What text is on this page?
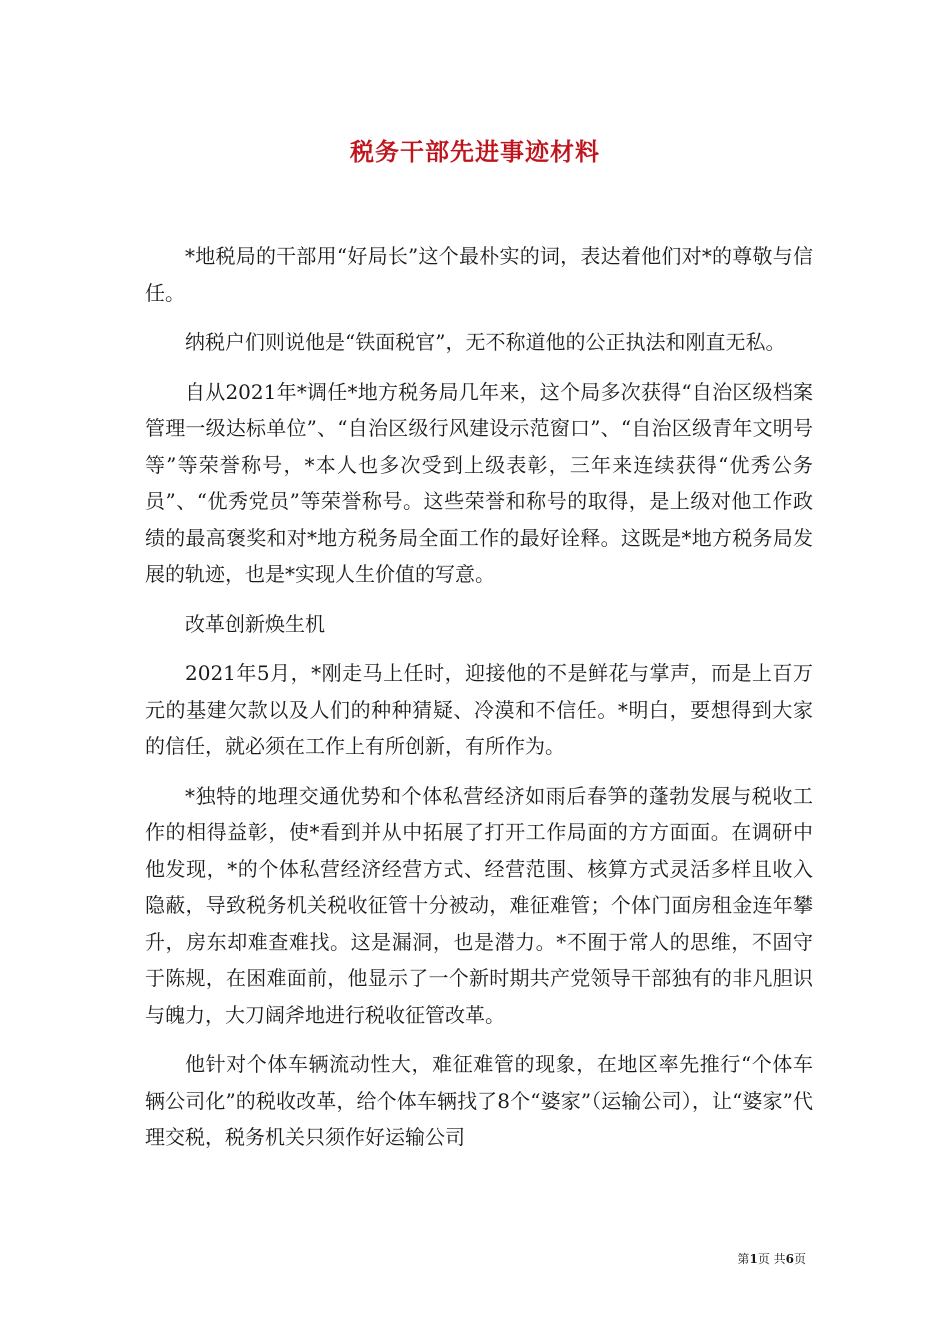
税务干部先进事迹材料

*地税局的干部用“好局长”这个最朴实的词，表达着他们对*的尊敬与信任。

纳税户们则说他是“铁面税官”，无不称道他的公正执法和刚直无私。

自从2021年*调任*地方税务局几年来，这个局多次获得“自治区级档案管理一级达标单位”、“自治区级行风建设示范窗口”、“自治区级青年文明号等”等荣誉称号，*本人也多次受到上级表彰，三年来连续获得“优秀公务员”、“优秀党员”等荣誉称号。这些荣誉和称号的取得，是上级对他工作政绩的最高褒奖和对*地方税务局全面工作的最好诠释。这既是*地方税务局发展的轨迹，也是*实现人生价值的写意。

改革创新焕生机

2021年5月，*刚走马上任时，迎接他的不是鲜花与掌声，而是上百万元的基建欠款以及人们的种种猜疑、冷漠和不信任。*明白，要想得到大家的信任，就必须在工作上有所创新，有所作为。

*独特的地理交通优势和个体私营经济如雨后春笋的蓬勃发展与税收工作的相得益彰，使*看到并从中拓展了打开工作局面的方方面面。在调研中他发现，*的个体私营经济经营方式、经营范围、核算方式灵活多样且收入隐蔽，导致税务机关税收征管十分被动，难征难管；个体门面房租金连年攀升，房东却难查难找。这是漏洞，也是潜力。*不囿于常人的思维，不固守于陈规，在困难面前，他显示了一个新时期共产党领导干部独有的非凡胆识与魄力，大刀阔斧地进行税收征管改革。

他针对个体车辆流动性大，难征难管的现象，在地区率先推行“个体车辆公司化”的税收改革，给个体车辆找了8个“婆家”（运输公司），让“婆家”代理交税，税务机关只须作好运输公司

第1页 共6页
